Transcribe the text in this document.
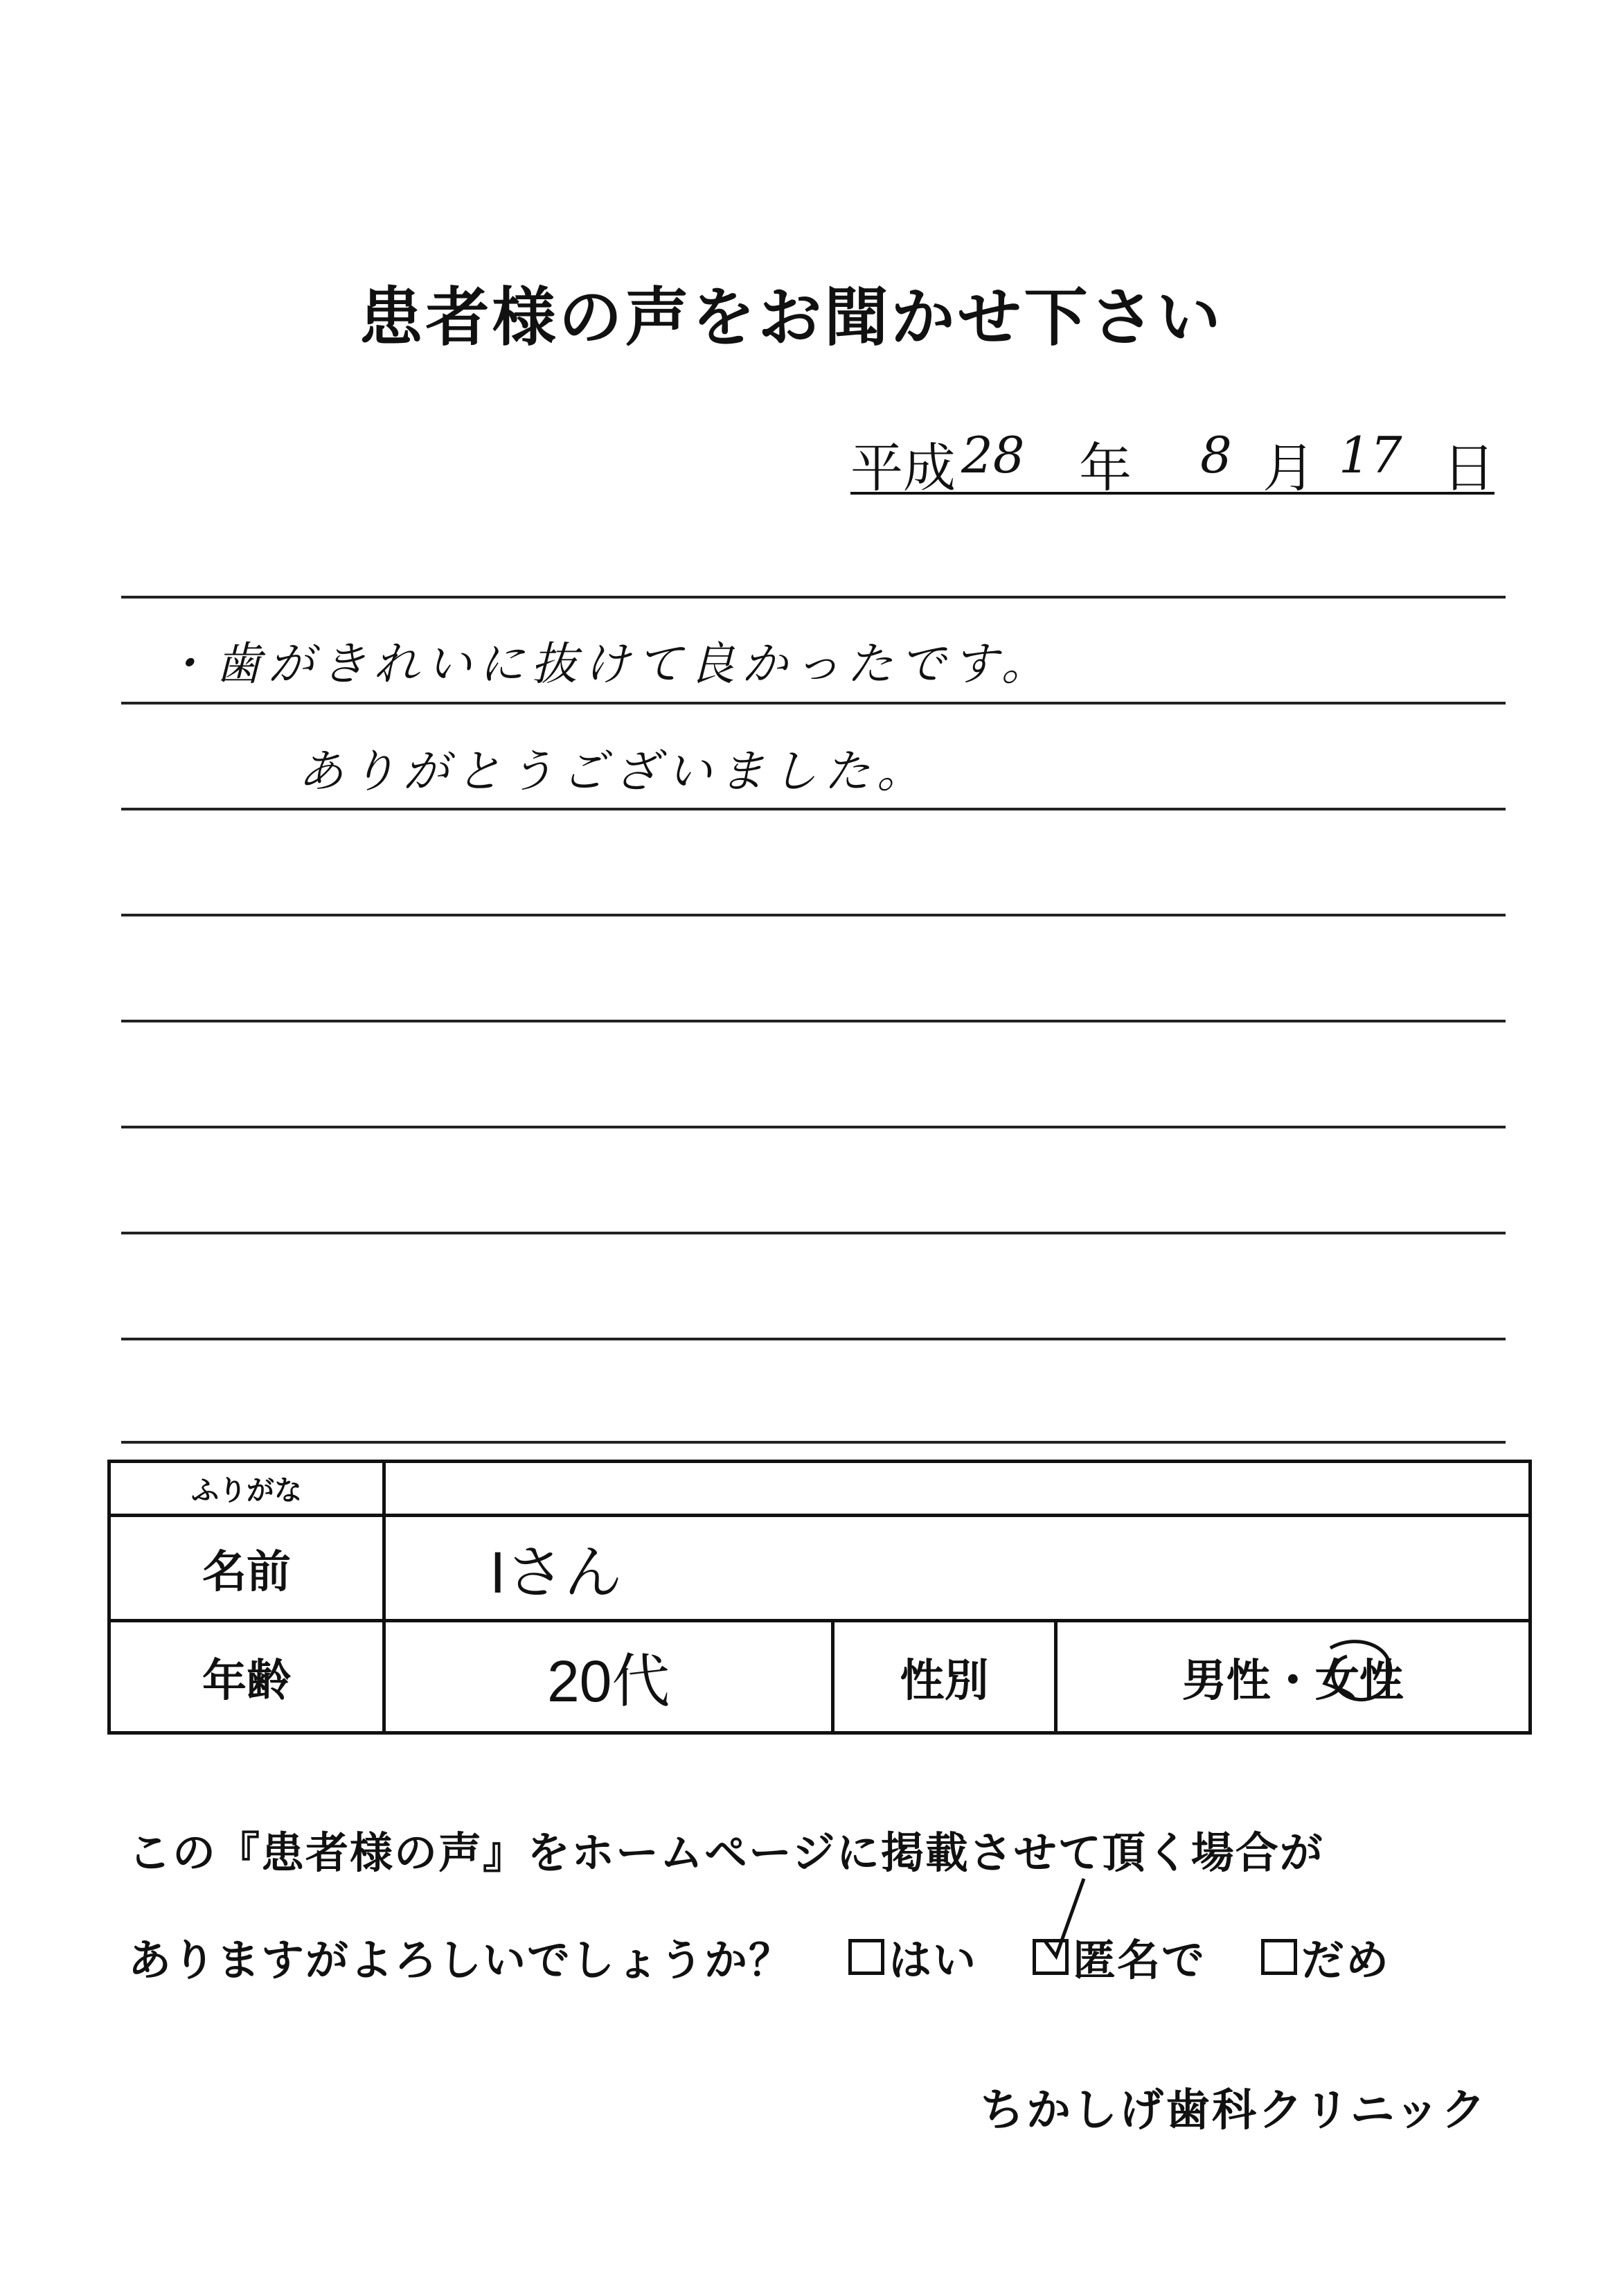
患者様の声をお聞かせ下さい
平成 28 年 8 月 17 日
・歯がきれいに抜けて良かったです。
ありがとうございました。
ふりがな			
名前	Iさん		
年齢	20代	性別	男性・女性
この『患者様の声』をホームページに掲載させて頂く場合が
ありますがよろしいでしょうか？ はい 匿名で だめ
ちかしげ歯科クリニック
